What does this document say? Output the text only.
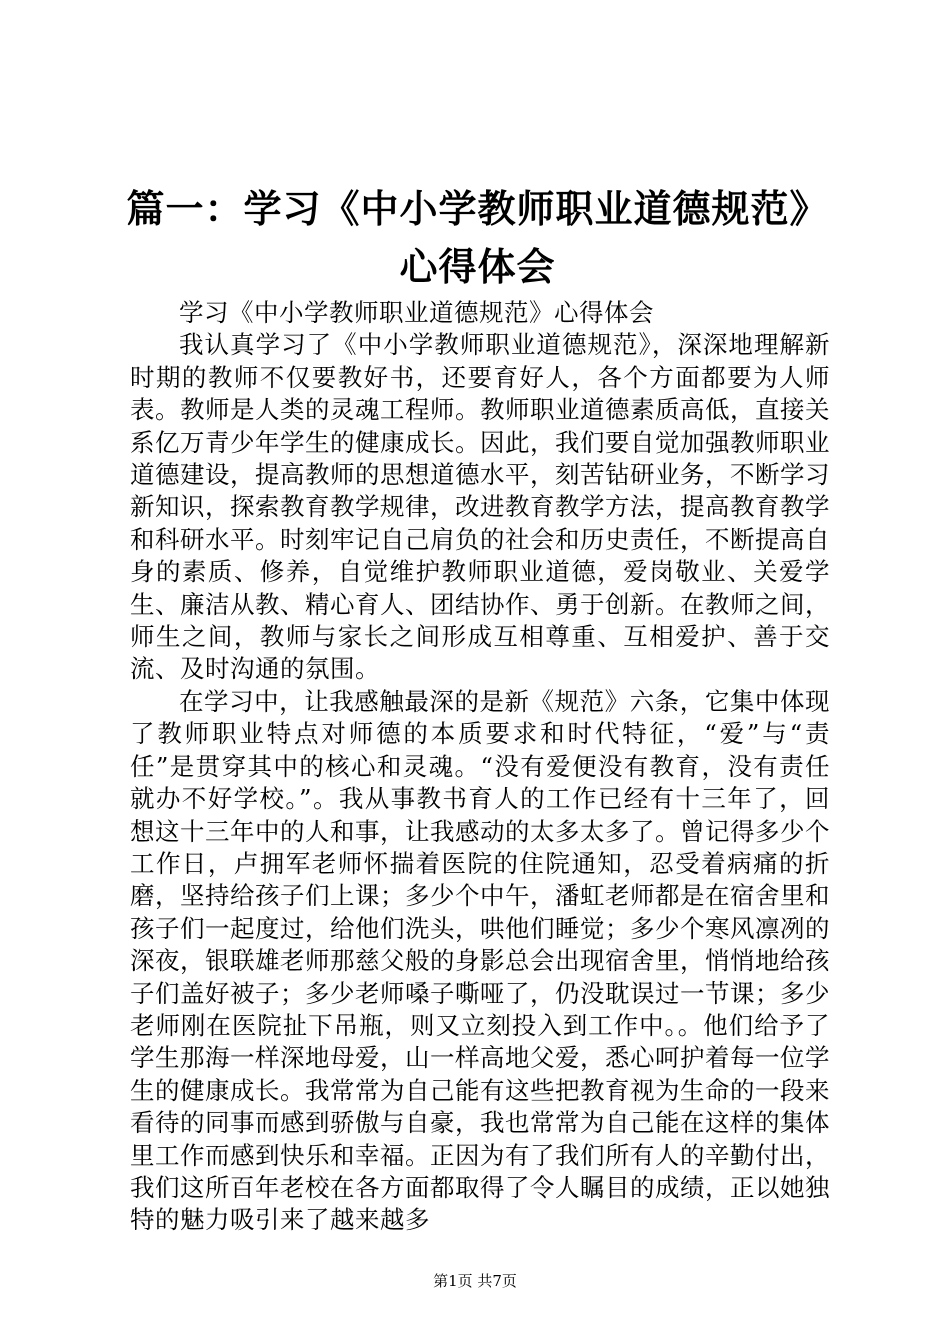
篇一：学习《中小学教师职业道德规范》心得体会

学习《中小学教师职业道德规范》心得体会

我认真学习了《中小学教师职业道德规范》，深深地理解新时期的教师不仅要教好书，还要育好人，各个方面都要为人师表。教师是人类的灵魂工程师。教师职业道德素质高低，直接关系亿万青少年学生的健康成长。因此，我们要自觉加强教师职业道德建设，提高教师的思想道德水平，刻苦钻研业务，不断学习新知识，探索教育教学规律，改进教育教学方法，提高教育教学和科研水平。时刻牢记自己肩负的社会和历史责任，不断提高自身的素质、修养，自觉维护教师职业道德，爱岗敬业、关爱学生、廉洁从教、精心育人、团结协作、勇于创新。在教师之间，师生之间，教师与家长之间形成互相尊重、互相爱护、善于交流、及时沟通的氛围。

在学习中，让我感触最深的是新《规范》六条，它集中体现了教师职业特点对师德的本质要求和时代特征，“爱”与“责任”是贯穿其中的核心和灵魂。“没有爱便没有教育，没有责任就办不好学校。”。我从事教书育人的工作已经有十三年了，回想这十三年中的人和事，让我感动的太多太多了。曾记得多少个工作日，卢拥军老师怀揣着医院的住院通知，忍受着病痛的折磨，坚持给孩子们上课；多少个中午，潘虹老师都是在宿舍里和孩子们一起度过，给他们洗头，哄他们睡觉；多少个寒风凛冽的深夜，银联雄老师那慈父般的身影总会出现宿舍里，悄悄地给孩子们盖好被子；多少老师嗓子嘶哑了，仍没耽误过一节课；多少老师刚在医院扯下吊瓶，则又立刻投入到工作中。。他们给予了学生那海一样深地母爱，山一样高地父爱，悉心呵护着每一位学生的健康成长。我常常为自己能有这些把教育视为生命的一段来看待的同事而感到骄傲与自豪，我也常常为自己能在这样的集体里工作而感到快乐和幸福。正因为有了我们所有人的辛勤付出，我们这所百年老校在各方面都取得了令人瞩目的成绩，正以她独特的魅力吸引来了越来越多

第1页 共7页
